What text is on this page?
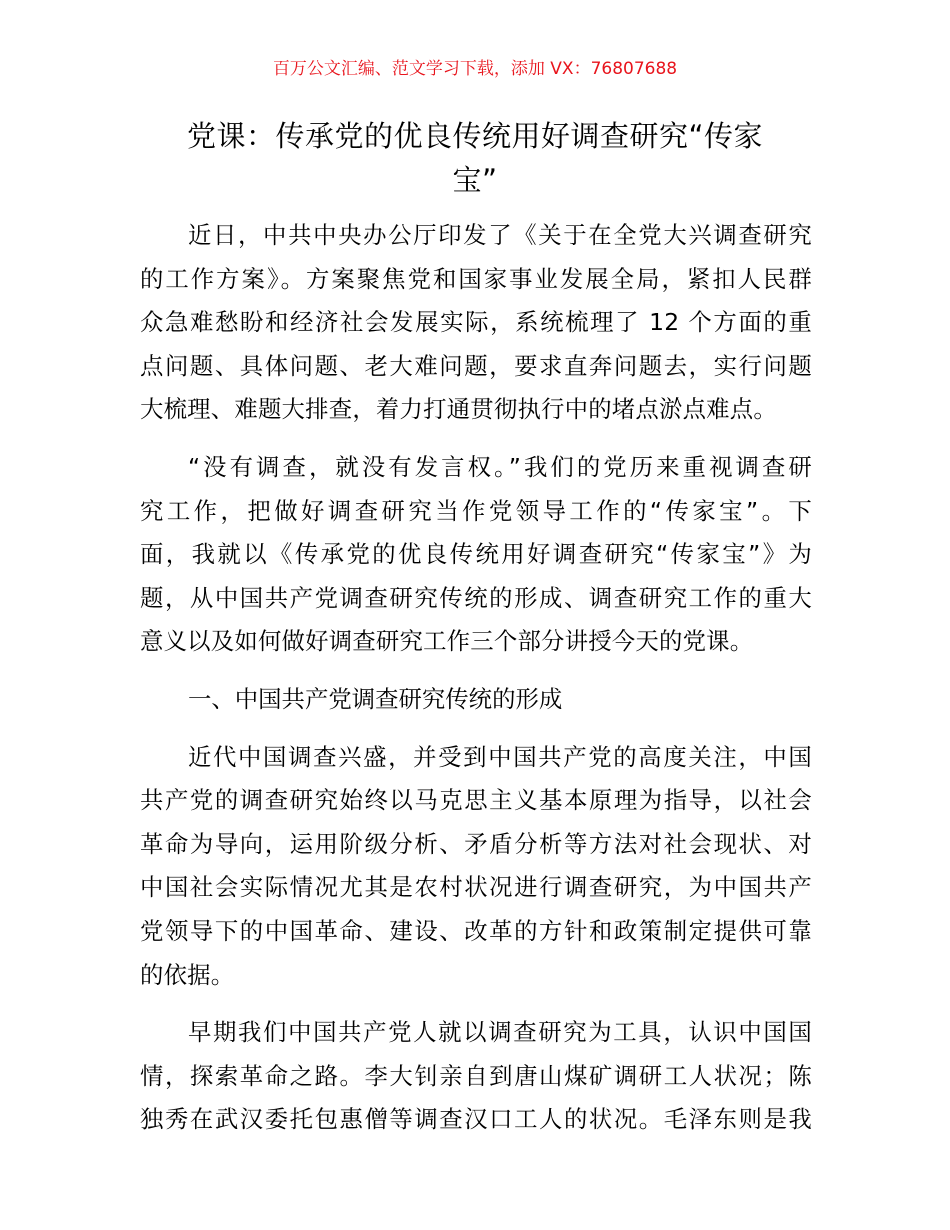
百万公文汇编、范文学习下载，添加 VX：76807688
党课：传承党的优良传统用好调查研究“传家
宝”
近日，中共中央办公厅印发了《关于在全党大兴调查研究
的工作方案》。方案聚焦党和国家事业发展全局，紧扣人民群
众急难愁盼和经济社会发展实际，系统梳理了 12 个方面的重
点问题、具体问题、老大难问题，要求直奔问题去，实行问题
大梳理、难题大排查，着力打通贯彻执行中的堵点淤点难点。
“没有调查，就没有发言权。”我们的党历来重视调查研
究工作，把做好调查研究当作党领导工作的“传家宝”。下
面，我就以《传承党的优良传统用好调查研究“传家宝”》为
题，从中国共产党调查研究传统的形成、调查研究工作的重大
意义以及如何做好调查研究工作三个部分讲授今天的党课。
一、中国共产党调查研究传统的形成
近代中国调查兴盛，并受到中国共产党的高度关注，中国
共产党的调查研究始终以马克思主义基本原理为指导，以社会
革命为导向，运用阶级分析、矛盾分析等方法对社会现状、对
中国社会实际情况尤其是农村状况进行调查研究，为中国共产
党领导下的中国革命、建设、改革的方针和政策制定提供可靠
的依据。
早期我们中国共产党人就以调查研究为工具，认识中国国
情，探索革命之路。李大钊亲自到唐山煤矿调研工人状况；陈
独秀在武汉委托包惠僧等调查汉口工人的状况。毛泽东则是我
